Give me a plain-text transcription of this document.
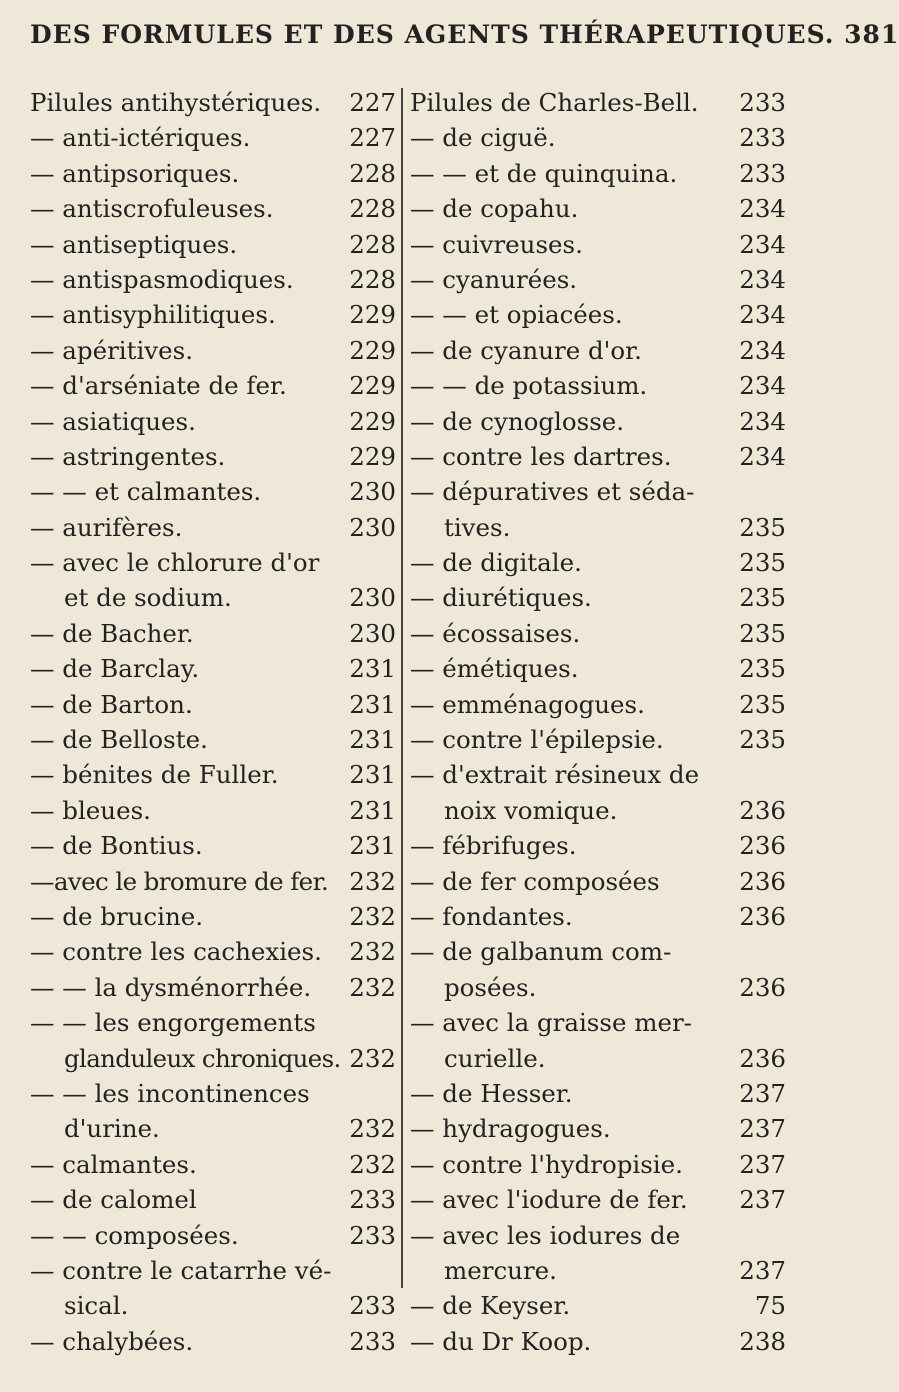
DES FORMULES ET DES AGENTS THÉRAPEUTIQUES. 381
Pilules antihystériques. 227
— anti-ictériques.	227
— antipsoriques.	228
— antiscrofuleuses.	228
— antiseptiques.	228
— antispasmodiques. 228
— antisyphilitiques.	229
— apéritives.	229
— d'arséniate de fer.	229
— asiatiques.	229
— astringentes.	229
— — et calmantes.	230
— aurifères.	230
— avec le chlorure d'or
et de sodium.	230
— de Bacher.	230
— de Barclay.	231
— de Barton.	231
— de Belloste.	231
— bénites de Fuller.	231
— bleues.	231
— de Bontius.	231
—avec le bromure de fer. 232
— de brucine.	232
— contre les cachexies. 232
— — la dysménorrhée. 232
— — les engorgements
glanduleux chroniques. 232
— — les incontinences
d'urine.	232
— calmantes.	232
— de calomel	233
— — composées.	233
— contre le catarrhe vé-
sical.	233
— chalybées.	233
Pilules de Charles-Bell. 233
— de ciguë.	233
— — et de quinquina.	233
— de copahu.	234
— cuivreuses.	234
— cyanurées.	234
— — et opiacées.	234
— de cyanure d'or.	234
— — de potassium.	234
— de cynoglosse.	234
— contre les dartres.	234
— dépuratives et séda-
tives.	235
— de digitale.	235
— diurétiques.	235
— écossaises.	235
— émétiques.	235
— emménagogues.	235
— contre l'épilepsie.	235
— d'extrait résineux de
noix vomique.	236
— fébrifuges.	236
— de fer composées	236
— fondantes.	236
— de galbanum com-
posées.	236
— avec la graisse mer-
curielle.	236
— de Hesser.	237
— hydragogues.	237
— contre l'hydropisie. 237
— avec l'iodure de fer. 237
— avec les iodures de
mercure.	237
— de Keyser.	75
— du Dr Koop.	238
